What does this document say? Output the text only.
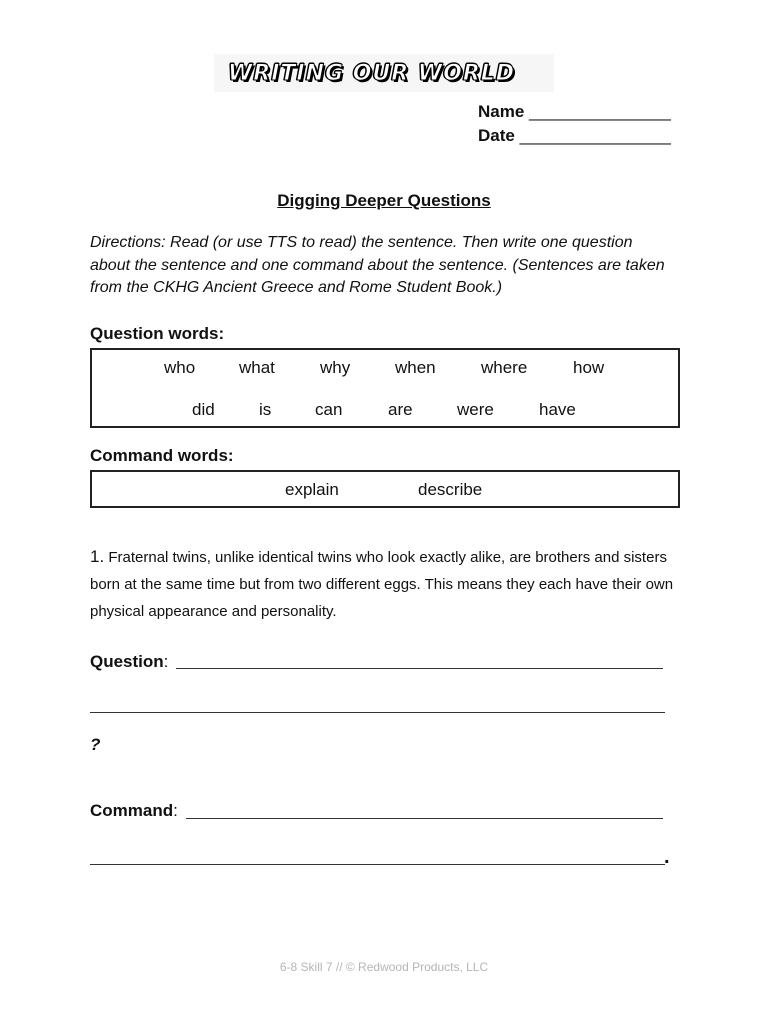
WRITING OUR WORLD
Name _______________
Date ________________
Digging Deeper Questions
Directions: Read (or use TTS to read) the sentence. Then write one question about the sentence and one command about the sentence. (Sentences are taken from the CKHG Ancient Greece and Rome Student Book.)
Question words:
who	what	why	when	where	how
did	is	can	are	were	have
Command words:
explain	describe
1. Fraternal twins, unlike identical twins who look exactly alike, are brothers and sisters born at the same time but from two different eggs. This means they each have their own physical appearance and personality.
Question:
?
Command:
.
6-8 Skill 7 // © Redwood Products, LLC
